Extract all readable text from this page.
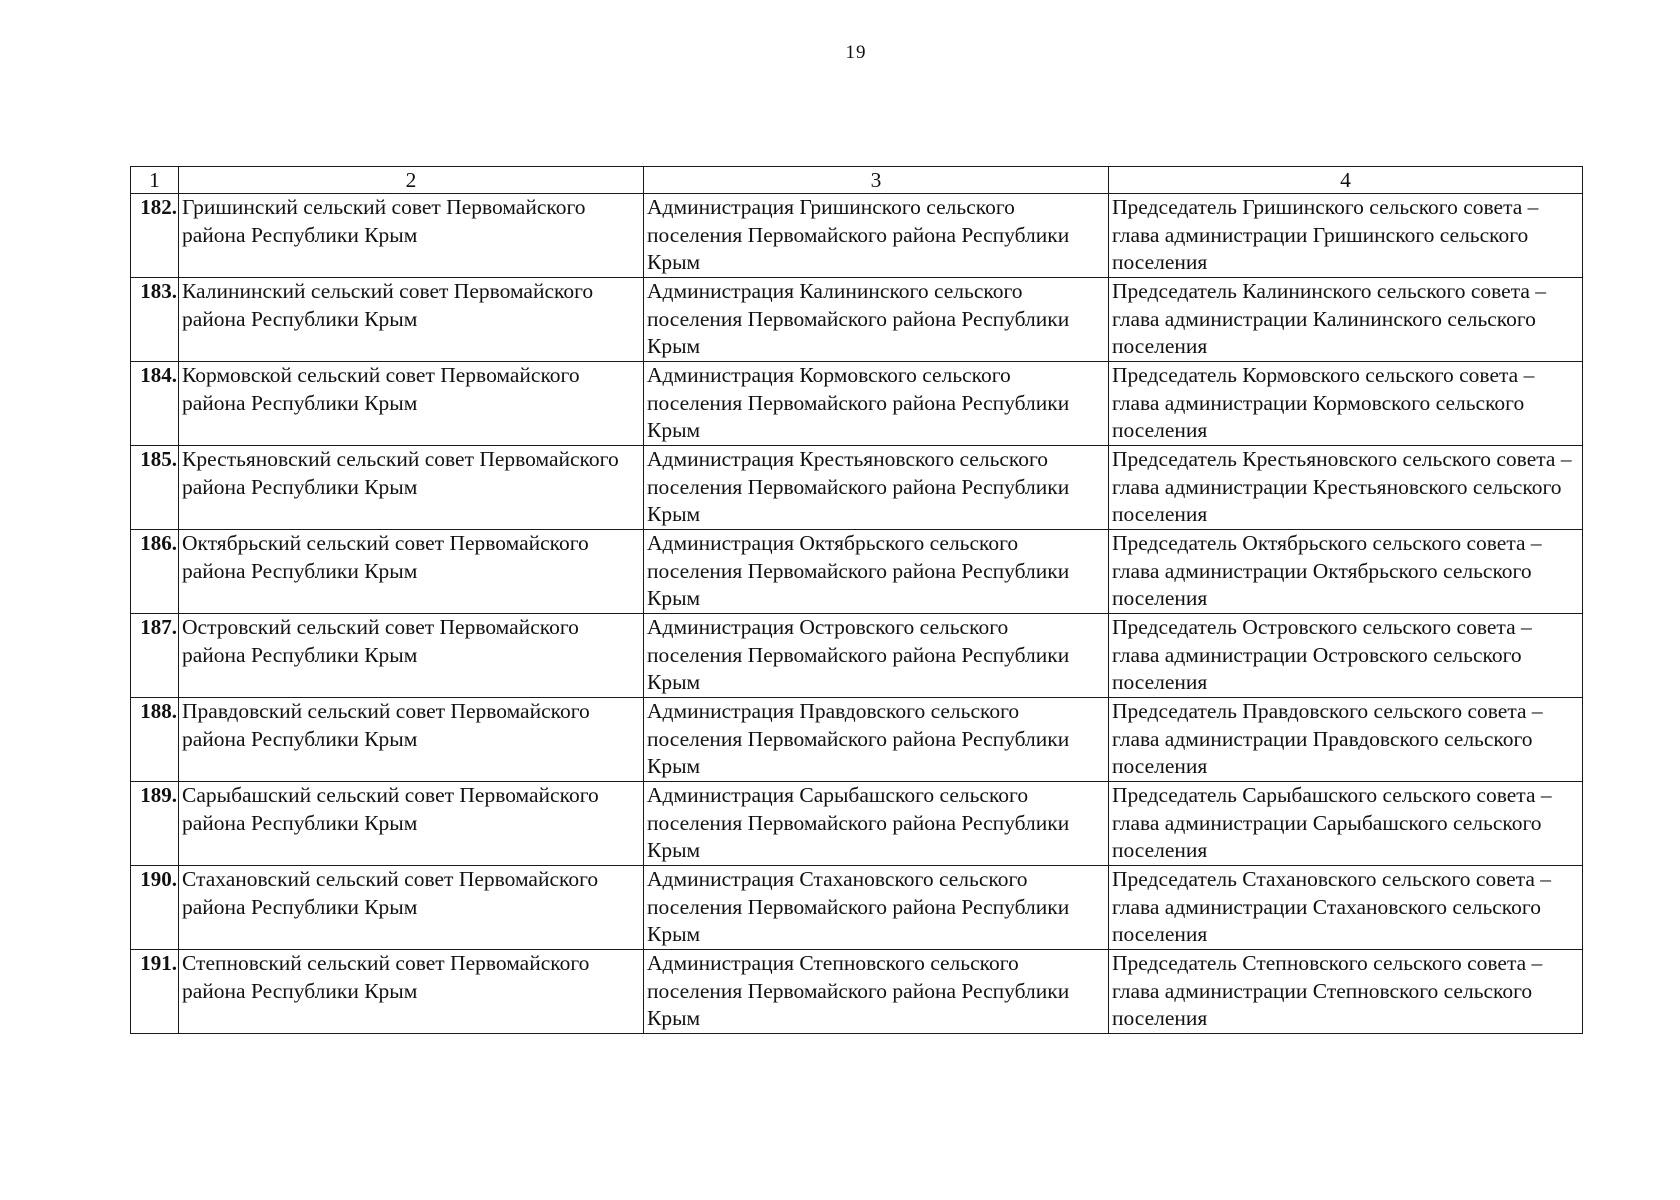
19
1	2	3	4
182.	Гришинский сельский совет Первомайского района Республики Крым	Администрация Гришинского сельского поселения Первомайского района Республики Крым	Председатель Гришинского сельского совета – глава администрации Гришинского сельского поселения
183.	Калининский сельский совет Первомайского района Республики Крым	Администрация Калининского сельского поселения Первомайского района Республики Крым	Председатель Калининского сельского совета – глава администрации Калининского сельского поселения
184.	Кормовской сельский совет Первомайского района Республики Крым	Администрация Кормовского сельского поселения Первомайского района Республики Крым	Председатель Кормовского сельского совета – глава администрации Кормовского сельского поселения
185.	Крестьяновский сельский совет Первомайского района Республики Крым	Администрация Крестьяновского сельского поселения Первомайского района Республики Крым	Председатель Крестьяновского сельского совета – глава администрации Крестьяновского сельского поселения
186.	Октябрьский сельский совет Первомайского района Республики Крым	Администрация Октябрьского сельского поселения Первомайского района Республики Крым	Председатель Октябрьского сельского совета – глава администрации Октябрьского сельского поселения
187.	Островский сельский совет Первомайского района Республики Крым	Администрация Островского сельского поселения Первомайского района Республики Крым	Председатель Островского сельского совета – глава администрации Островского сельского поселения
188.	Правдовский сельский совет Первомайского района Республики Крым	Администрация Правдовского сельского поселения Первомайского района Республики Крым	Председатель Правдовского сельского совета – глава администрации Правдовского сельского поселения
189.	Сарыбашский сельский совет Первомайского района Республики Крым	Администрация Сарыбашского сельского поселения Первомайского района Республики Крым	Председатель Сарыбашского сельского совета – глава администрации Сарыбашского сельского поселения
190.	Стахановский сельский совет Первомайского района Республики Крым	Администрация Стахановского сельского поселения Первомайского района Республики Крым	Председатель Стахановского сельского совета – глава администрации Стахановского сельского поселения
191.	Степновский сельский совет Первомайского района Республики Крым	Администрация Степновского сельского поселения Первомайского района Республики Крым	Председатель Степновского сельского совета – глава администрации Степновского сельского поселения
